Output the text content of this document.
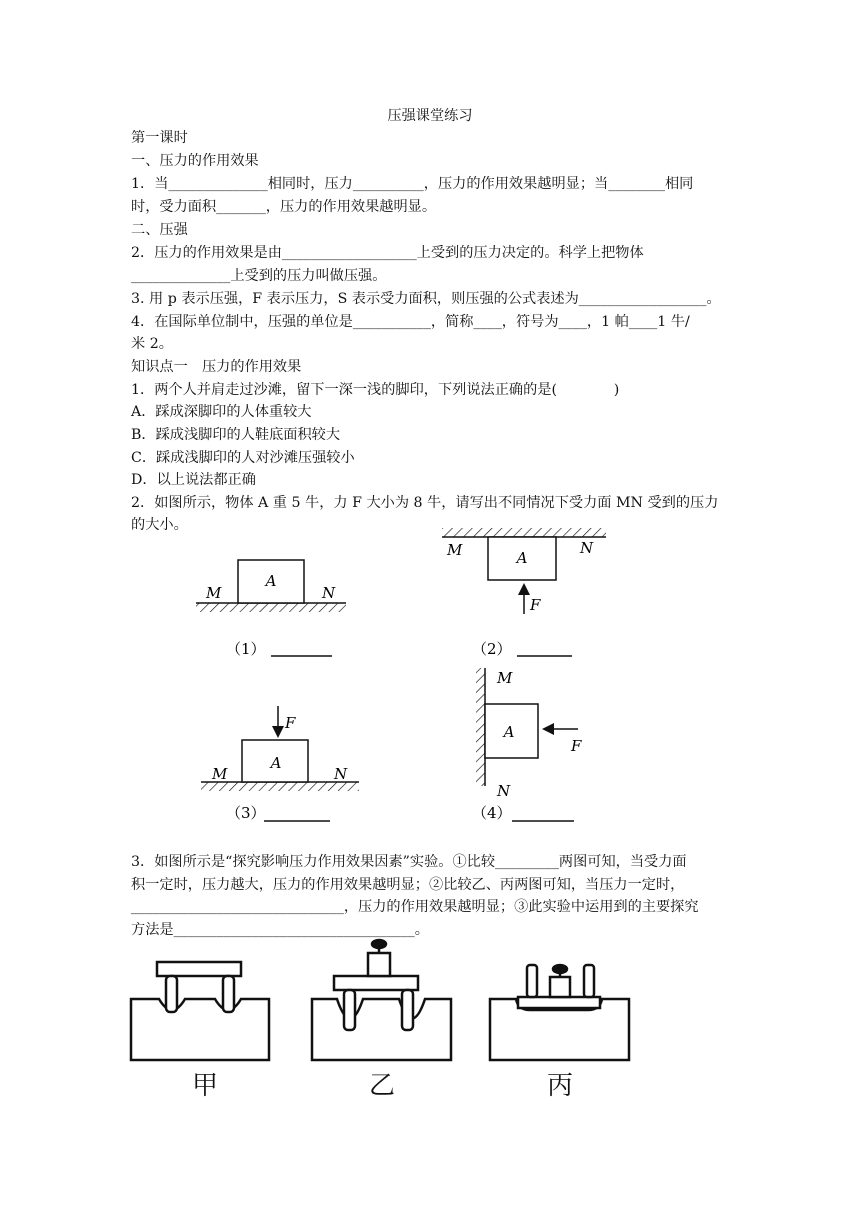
压强课堂练习
第一课时
一、压力的作用效果
1．当______________相同时，压力__________，压力的作用效果越明显；当________相同
时，受力面积_______，压力的作用效果越明显。
二、压强
2．压力的作用效果是由___________________上受到的压力决定的。科学上把物体
______________上受到的压力叫做压强。
3. 用 p 表示压强，F 表示压力，S 表示受力面积，则压强的公式表述为__________________。
4．在国际单位制中，压强的单位是___________，简称____，符号为____，1 帕____1 牛/
米 2。
知识点一　压力的作用效果
1．两个人并肩走过沙滩，留下一深一浅的脚印，下列说法正确的是(　　　　)
A．踩成深脚印的人体重较大
B．踩成浅脚印的人鞋底面积较大
C．踩成浅脚印的人对沙滩压强较小
D．以上说法都正确
2．如图所示，物体 A 重 5 牛，力 F 大小为 8 牛，请写出不同情况下受力面 MN 受到的压力
的大小。
3．如图所示是“探究影响压力作用效果因素”实验。①比较_________两图可知，当受力面
积一定时，压力越大，压力的作用效果越明显；②比较乙、丙两图可知，当压力一定时，
______________________________，压力的作用效果越明显；③此实验中运用到的主要探究
方法是__________________________________。
A
M	N
（1）
A
M	N
F
（2）
A
F
M	N
（3）
A
F
M
N
（4）
甲	乙	丙
